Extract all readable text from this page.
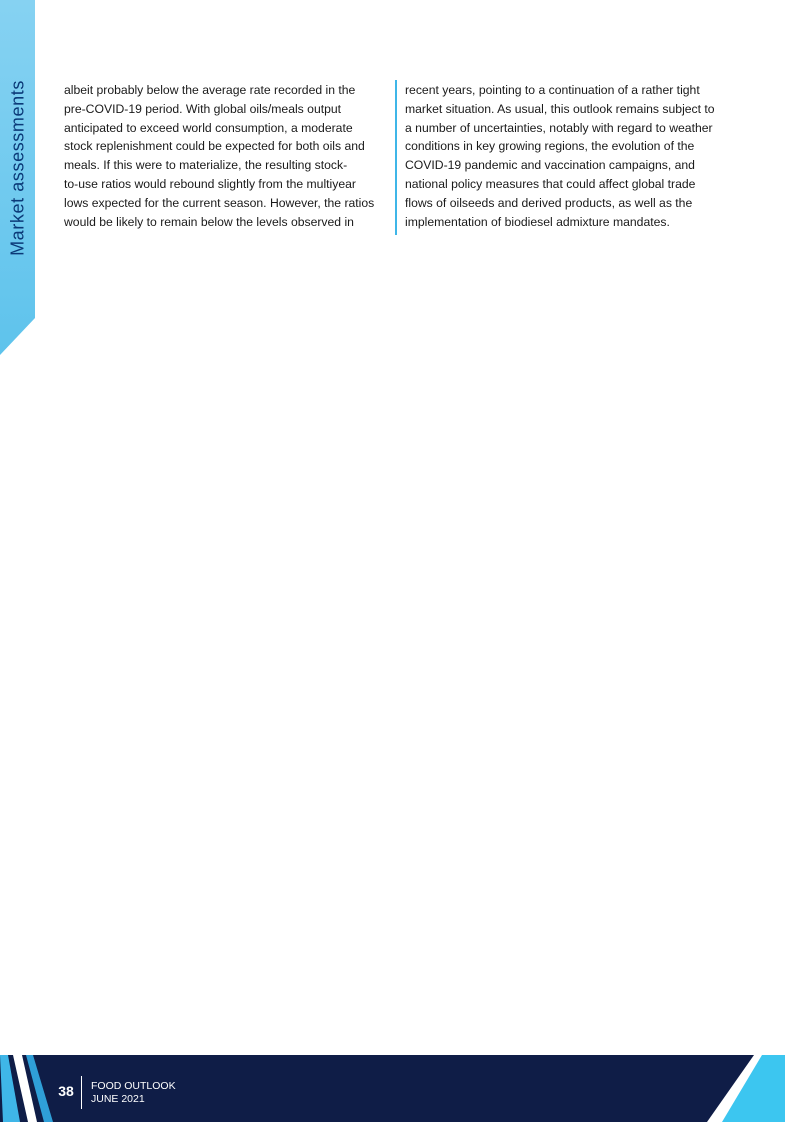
Market assessments	albeit probably below the average rate recorded in the
pre-COVID-19 period. With global oils/meals output
anticipated to exceed world consumption, a moderate
stock replenishment could be expected for both oils and
meals. If this were to materialize, the resulting stock-
to-use ratios would rebound slightly from the multiyear
lows expected for the current season. However, the ratios
would be likely to remain below the levels observed in

recent years, pointing to a continuation of a rather tight
market situation. As usual, this outlook remains subject to
a number of uncertainties, notably with regard to weather
conditions in key growing regions, the evolution of the
COVID-19 pandemic and vaccination campaigns, and
national policy measures that could affect global trade
flows of oilseeds and derived products, as well as the
implementation of biodiesel admixture mandates.

38 FOOD OUTLOOK
JUNE 2021
